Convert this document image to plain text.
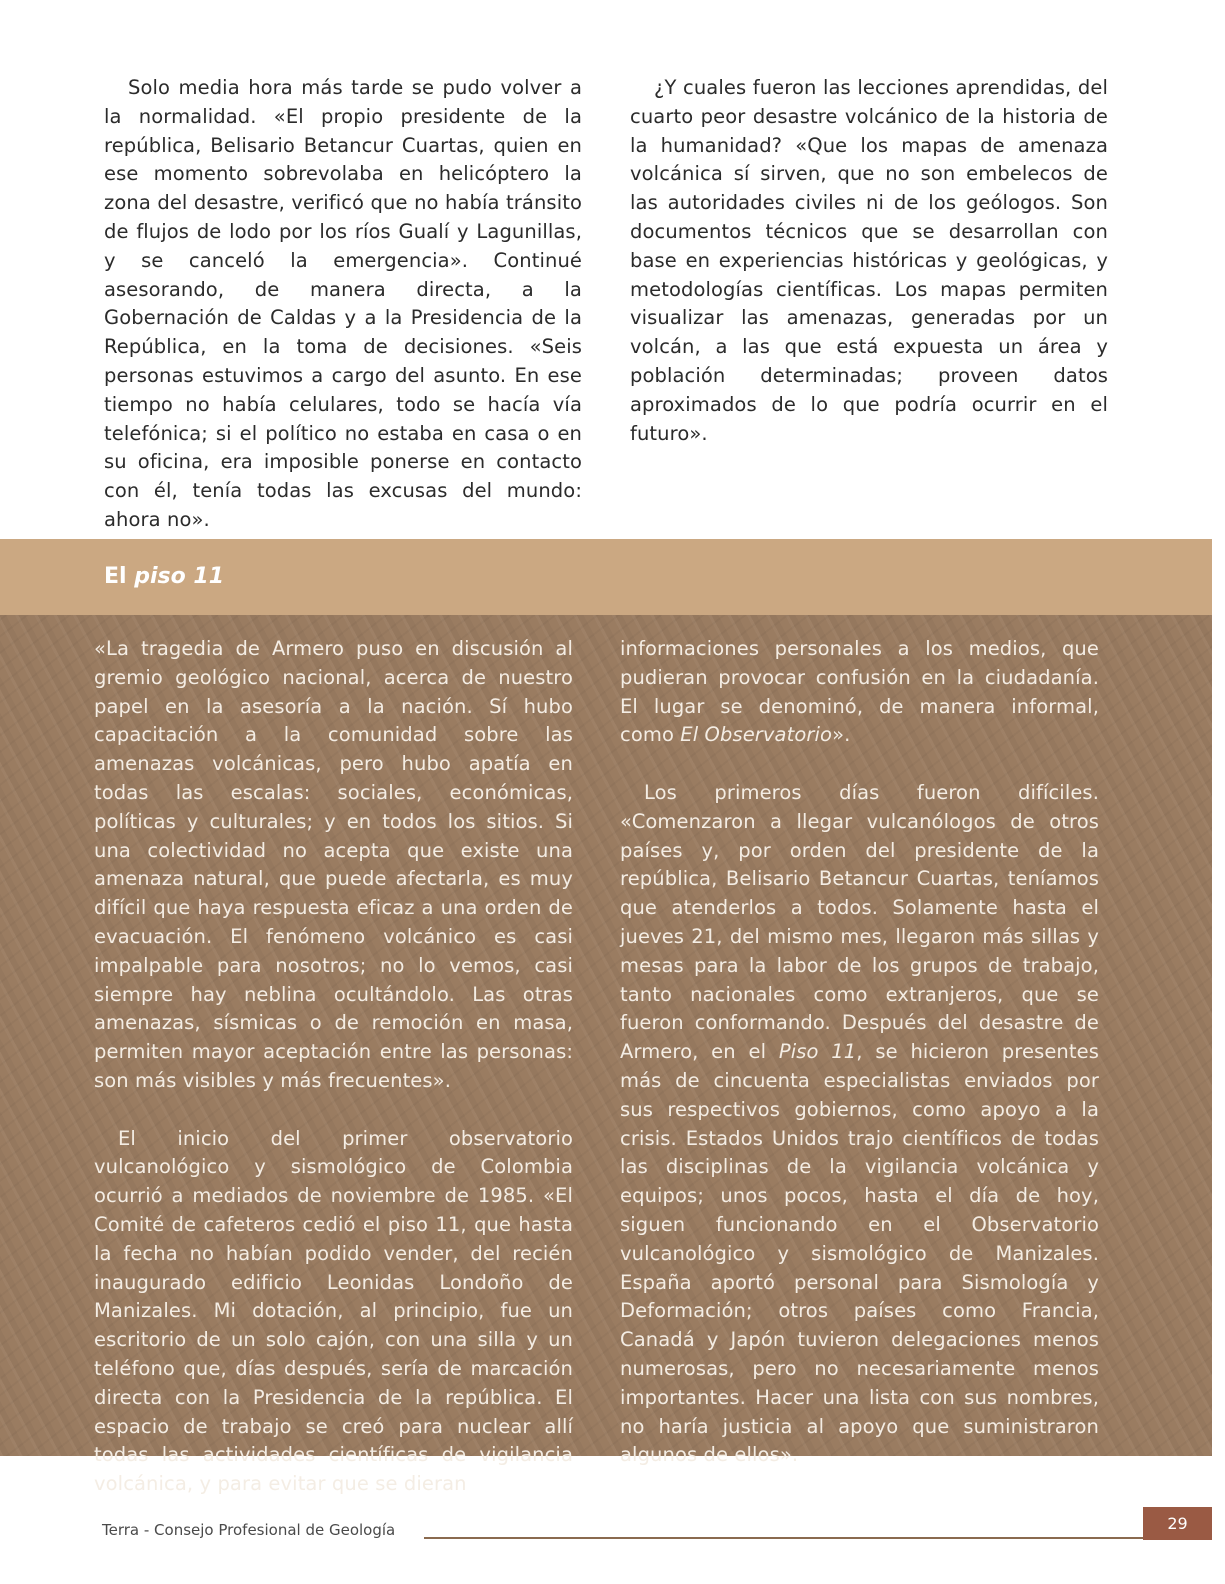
Solo media hora más tarde se pudo volver a la normalidad. «El propio presidente de la república, Belisario Betancur Cuartas, quien en ese momento sobrevolaba en helicóptero la zona del desastre, verificó que no había tránsito de flujos de lodo por los ríos Gualí y Lagunillas, y se canceló la emergencia». Continué asesorando, de manera directa, a la Gobernación de Caldas y a la Presidencia de la República, en la toma de decisiones. «Seis personas estuvimos a cargo del asunto. En ese tiempo no había celulares, todo se hacía vía telefónica; si el político no estaba en casa o en su oficina, era imposible ponerse en contacto con él, tenía todas las excusas del mundo: ahora no».

¿Y cuales fueron las lecciones aprendidas, del cuarto peor desastre volcánico de la historia de la humanidad? «Que los mapas de amenaza volcánica sí sirven, que no son embelecos de las autoridades civiles ni de los geólogos. Son documentos técnicos que se desarrollan con base en experiencias históricas y geológicas, y metodologías científicas. Los mapas permiten visualizar las amenazas, generadas por un volcán, a las que está expuesta un área y población determinadas; proveen datos aproximados de lo que podría ocurrir en el futuro».

El piso 11

«La tragedia de Armero puso en discusión al gremio geológico nacional, acerca de nuestro papel en la asesoría a la nación. Sí hubo capacitación a la comunidad sobre las amenazas volcánicas, pero hubo apatía en todas las escalas: sociales, económicas, políticas y culturales; y en todos los sitios. Si una colectividad no acepta que existe una amenaza natural, que puede afectarla, es muy difícil que haya respuesta eficaz a una orden de evacuación. El fenómeno volcánico es casi impalpable para nosotros; no lo vemos, casi siempre hay neblina ocultándolo. Las otras amenazas, sísmicas o de remoción en masa, permiten mayor aceptación entre las personas: son más visibles y más frecuentes».

El inicio del primer observatorio vulcanológico y sismológico de Colombia ocurrió a mediados de noviembre de 1985. «El Comité de cafeteros cedió el piso 11, que hasta la fecha no habían podido vender, del recién inaugurado edificio Leonidas Londoño de Manizales. Mi dotación, al principio, fue un escritorio de un solo cajón, con una silla y un teléfono que, días después, sería de marcación directa con la Presidencia de la república. El espacio de trabajo se creó para nuclear allí todas las actividades científicas de vigilancia volcánica, y para evitar que se dieran

informaciones personales a los medios, que pudieran provocar confusión en la ciudadanía. El lugar se denominó, de manera informal, como El Observatorio».

Los primeros días fueron difíciles. «Comenzaron a llegar vulcanólogos de otros países y, por orden del presidente de la república, Belisario Betancur Cuartas, teníamos que atenderlos a todos. Solamente hasta el jueves 21, del mismo mes, llegaron más sillas y mesas para la labor de los grupos de trabajo, tanto nacionales como extranjeros, que se fueron conformando. Después del desastre de Armero, en el Piso 11, se hicieron presentes más de cincuenta especialistas enviados por sus respectivos gobiernos, como apoyo a la crisis. Estados Unidos trajo científicos de todas las disciplinas de la vigilancia volcánica y equipos; unos pocos, hasta el día de hoy, siguen funcionando en el Observatorio vulcanológico y sismológico de Manizales. España aportó personal para Sismología y Deformación; otros países como Francia, Canadá y Japón tuvieron delegaciones menos numerosas, pero no necesariamente menos importantes. Hacer una lista con sus nombres, no haría justicia al apoyo que suministraron algunos de ellos».

Terra - Consejo Profesional de Geología	29
